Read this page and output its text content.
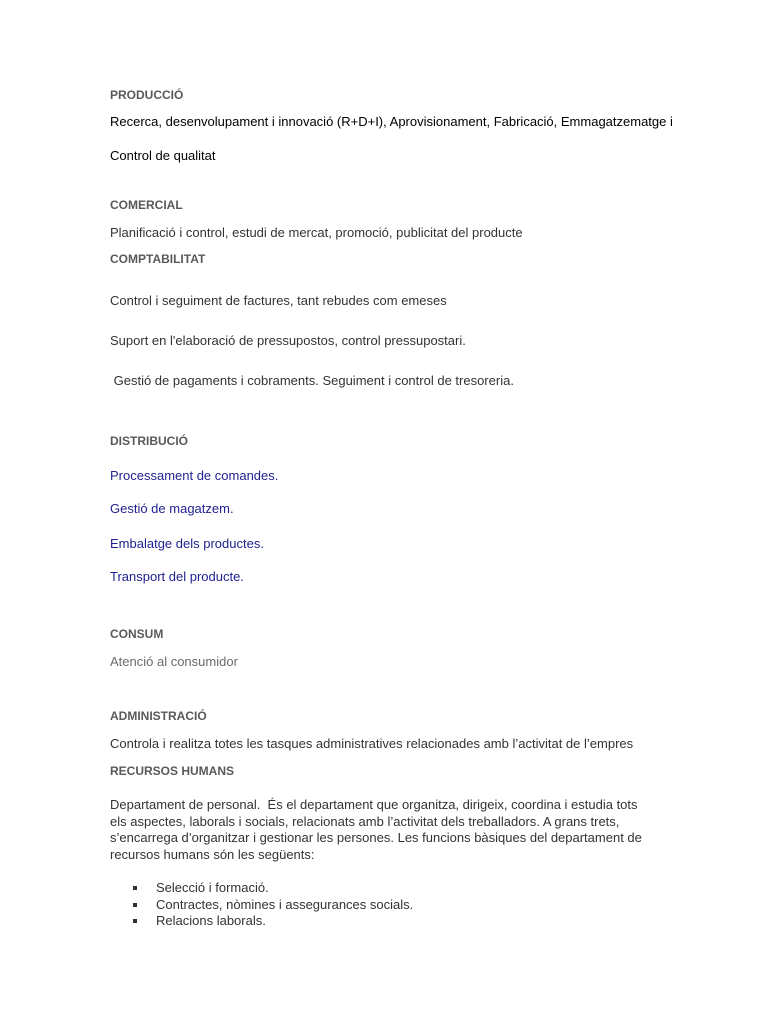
PRODUCCIÓ
Recerca, desenvolupament i innovació (R+D+I), Aprovisionament, Fabricació, Emmagatzematge i
Control de qualitat
COMERCIAL
Planificació i control, estudi de mercat, promoció, publicitat del producte
COMPTABILITAT
Control i seguiment de factures, tant rebudes com emeses
Suport en l'elaboració de pressupostos, control pressupostari.
Gestió de pagaments i cobraments. Seguiment i control de tresoreria.
DISTRIBUCIÓ
Processament de comandes.
Gestió de magatzem.
Embalatge dels productes.
Transport del producte.
CONSUM
Atenció al consumidor
ADMINISTRACIÓ
Controla i realitza totes les tasques administratives relacionades amb l’activitat de l’empres
RECURSOS HUMANS
Departament de personal.  És el departament que organitza, dirigeix, coordina i estudia tots els aspectes, laborals i socials, relacionats amb l’activitat dels treballadors. A grans trets, s’encarrega d’organitzar i gestionar les persones. Les funcions bàsiques del departament de recursos humans són les següents:
Selecció i formació.
Contractes, nòmines i assegurances socials.
Relacions laborals.
